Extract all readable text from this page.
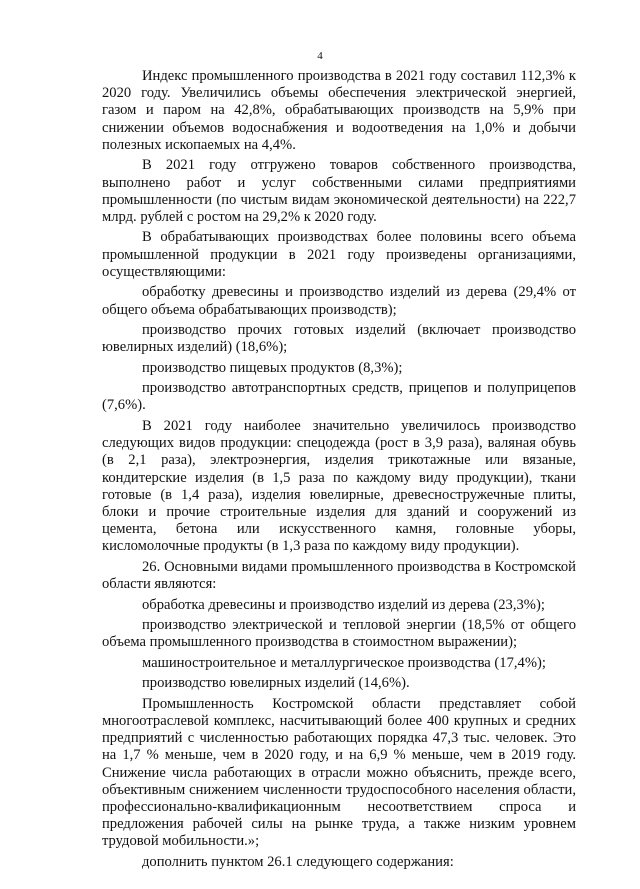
4

Индекс промышленного производства в 2021 году составил 112,3% к 2020 году. Увеличились объемы обеспечения электрической энергией, газом и паром на 42,8%, обрабатывающих производств на 5,9% при снижении объемов водоснабжения и водоотведения на 1,0% и добычи полезных ископаемых на 4,4%.

В 2021 году отгружено товаров собственного производства, выполнено работ и услуг собственными силами предприятиями промышленности (по чистым видам экономической деятельности) на 222,7 млрд. рублей с ростом на 29,2% к 2020 году.

В обрабатывающих производствах более половины всего объема промышленной продукции в 2021 году произведены организациями, осуществляющими:

обработку древесины и производство изделий из дерева (29,4% от общего объема обрабатывающих производств);

производство прочих готовых изделий (включает производство ювелирных изделий) (18,6%);

производство пищевых продуктов (8,3%);

производство автотранспортных средств, прицепов и полуприцепов (7,6%).

В 2021 году наиболее значительно увеличилось производство следующих видов продукции: спецодежда (рост в 3,9 раза), валяная обувь (в 2,1 раза), электроэнергия, изделия трикотажные или вязаные, кондитерские изделия (в 1,5 раза по каждому виду продукции), ткани готовые (в 1,4 раза), изделия ювелирные, древесностружечные плиты, блоки и прочие строительные изделия для зданий и сооружений из цемента, бетона или искусственного камня, головные уборы, кисломолочные продукты (в 1,3 раза по каждому виду продукции).

26. Основными видами промышленного производства в Костромской области являются:

обработка древесины и производство изделий из дерева (23,3%);

производство электрической и тепловой энергии (18,5% от общего объема промышленного производства в стоимостном выражении);

машиностроительное и металлургическое производства (17,4%);

производство ювелирных изделий (14,6%).

Промышленность Костромской области представляет собой многоотраслевой комплекс, насчитывающий более 400 крупных и средних предприятий с численностью работающих порядка 47,3 тыс. человек. Это на 1,7 % меньше, чем в 2020 году, и на 6,9 % меньше, чем в 2019 году. Снижение числа работающих в отрасли можно объяснить, прежде всего, объективным снижением численности трудоспособного населения области, профессионально-квалификационным несоответствием спроса и предложения рабочей силы на рынке труда, а также низким уровнем трудовой мобильности.»;

дополнить пунктом 26.1 следующего содержания:
